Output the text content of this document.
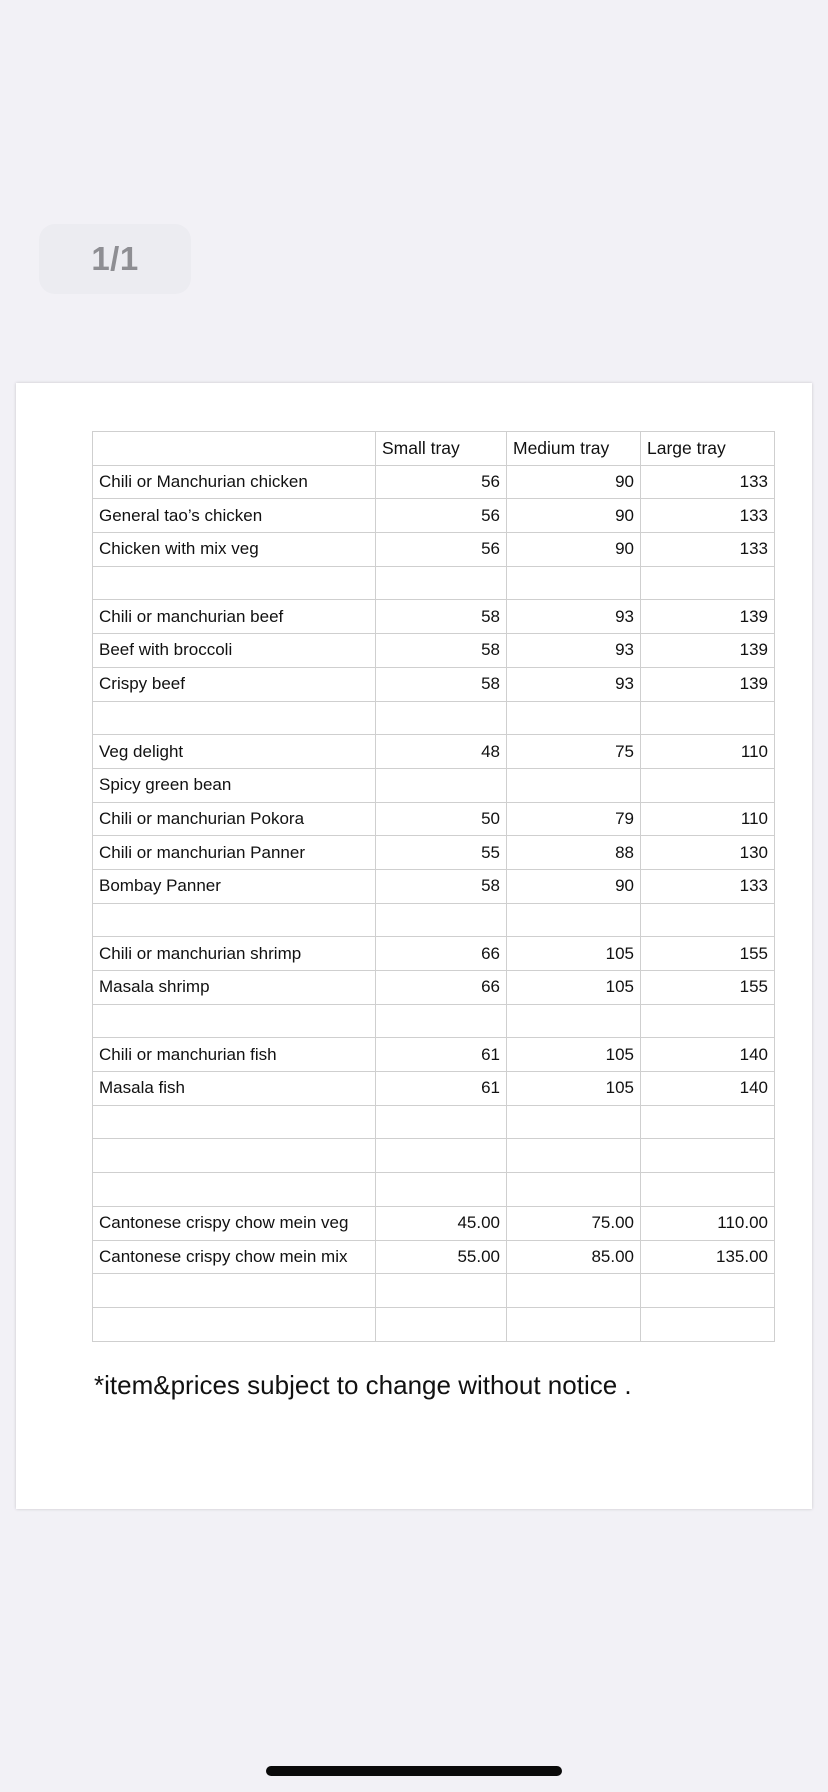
1/1
	Small tray	Medium tray	Large tray
Chili or Manchurian chicken	56	90	133
General tao’s chicken	56	90	133
Chicken with mix veg	56	90	133

Chili or manchurian beef	58	93	139
Beef with broccoli	58	93	139
Crispy beef	58	93	139

Veg delight	48	75	110
Spicy green bean			
Chili or manchurian Pokora	50	79	110
Chili or manchurian Panner	55	88	130
Bombay Panner	58	90	133

Chili or manchurian shrimp	66	105	155
Masala shrimp	66	105	155

Chili or manchurian fish	61	105	140
Masala fish	61	105	140

Cantonese crispy chow mein veg	45.00	75.00	110.00
Cantonese crispy chow mein mix	55.00	85.00	135.00

*item&prices subject to change without notice .
